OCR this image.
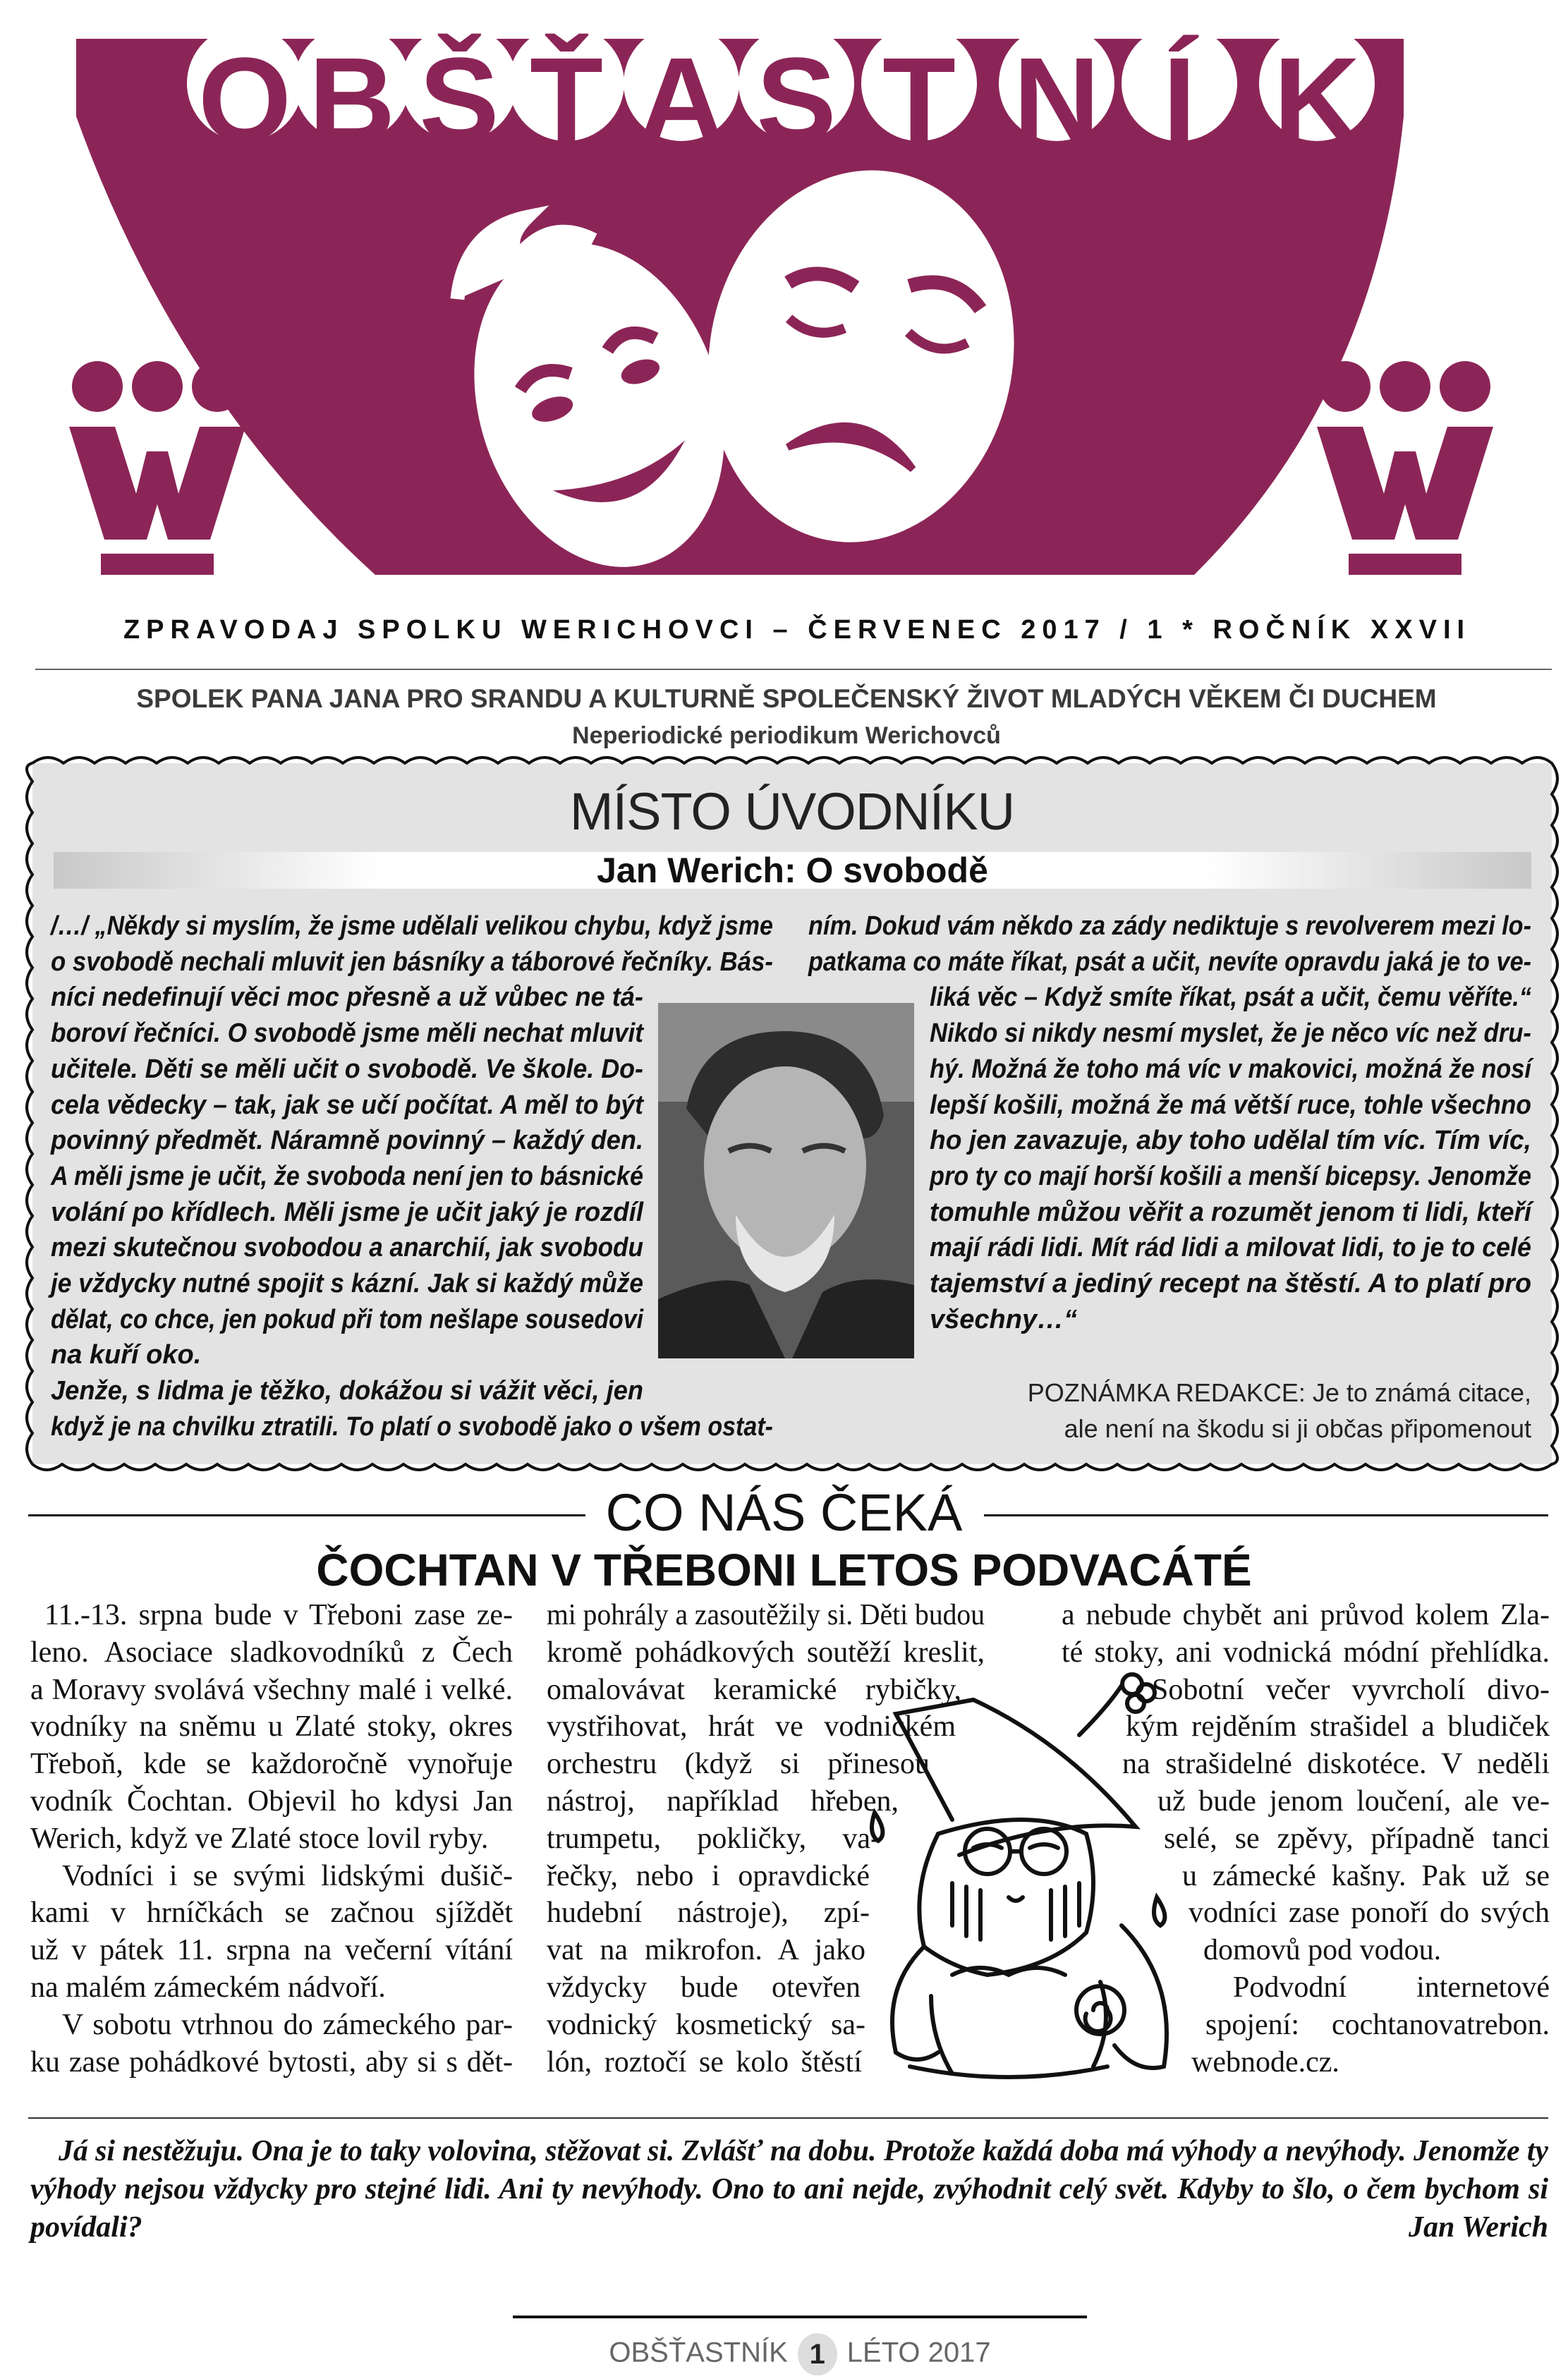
O B Š Ť A S T N Í K
ZPRAVODAJ SPOLKU WERICHOVCI – ČERVENEC 2017 / 1 * ROČNÍK XXVII
SPOLEK PANA JANA PRO SRANDU A KULTURNĚ SPOLEČENSKÝ ŽIVOT MLADÝCH VĚKEM ČI DUCHEM
Neperiodické periodikum Werichovců
MÍSTO ÚVODNÍKU
Jan Werich: O svobodě
/…/ „Někdy si myslím, že jsme udělali velikou chybu, když jsme
o svobodě nechali mluvit jen básníky a táborové řečníky. Bás-
níci nedefinují věci moc přesně a už vůbec ne tá-
boroví řečníci. O svobodě jsme měli nechat mluvit
učitele. Děti se měli učit o svobodě. Ve škole. Do-
cela vědecky – tak, jak se učí počítat. A měl to být
povinný předmět. Náramně povinný – každý den.
A měli jsme je učit, že svoboda není jen to básnické
volání po křídlech. Měli jsme je učit jaký je rozdíl
mezi skutečnou svobodou a anarchií, jak svobodu
je vždycky nutné spojit s kázní. Jak si každý může
dělat, co chce, jen pokud při tom nešlape sousedovi
na kuří oko.
Jenže, s lidma je těžko, dokážou si vážit věci, jen
když je na chvilku ztratili. To platí o svobodě jako o všem ostat-
ním. Dokud vám někdo za zády nediktuje s revolverem mezi lo-
patkama co máte říkat, psát a učit, nevíte opravdu jaká je to ve-
liká věc – Když smíte říkat, psát a učit, čemu věříte.“
Nikdo si nikdy nesmí myslet, že je něco víc než dru-
hý. Možná že toho má víc v makovici, možná že nosí
lepší košili, možná že má větší ruce, tohle všechno
ho jen zavazuje, aby toho udělal tím víc. Tím víc,
pro ty co mají horší košili a menší bicepsy. Jenomže
tomuhle můžou věřit a rozumět jenom ti lidi, kteří
mají rádi lidi. Mít rád lidi a milovat lidi, to je to celé
tajemství a jediný recept na štěstí. A to platí pro
všechny…“
POZNÁMKA REDAKCE: Je to známá citace,
ale není na škodu si ji občas připomenout
CO NÁS ČEKÁ
ČOCHTAN V TŘEBONI LETOS PODVACÁTÉ
11.-13. srpna bude v Třeboni zase ze-
leno. Asociace sladkovodníků z Čech
a Moravy svolává všechny malé i velké.
vodníky na sněmu u Zlaté stoky, okres
Třeboň, kde se každoročně vynořuje
vodník Čochtan. Objevil ho kdysi Jan
Werich, když ve Zlaté stoce lovil ryby.
Vodníci i se svými lidskými dušič-
kami v hrníčkách se začnou sjíždět
už v pátek 11. srpna na večerní vítání
na malém zámeckém nádvoří.
V sobotu vtrhnou do zámeckého par-
ku zase pohádkové bytosti, aby si s dět-
mi pohrály a zasoutěžily si. Děti budou
kromě pohádkových soutěží kreslit,
omalovávat keramické rybičky,
vystřihovat, hrát ve vodnickém
orchestru (když si přinesou
nástroj, například hřeben,
trumpetu, pokličky, va-
řečky, nebo i opravdické
hudební nástroje), zpí-
vat na mikrofon. A jako
vždycky bude otevřen
vodnický kosmetický sa-
lón, roztočí se kolo štěstí
a nebude chybět ani průvod kolem Zla-
té stoky, ani vodnická módní přehlídka.
Sobotní večer vyvrcholí divo-
kým rejděním strašidel a bludiček
na strašidelné diskotéce. V neděli
už bude jenom loučení, ale ve-
selé, se zpěvy, případně tanci
u zámecké kašny. Pak už se
vodníci zase ponoří do svých
domovů pod vodou.
Podvodní internetové
spojení: cochtanovatrebon.
webnode.cz.
Já si nestěžuju. Ona je to taky volovina, stěžovat si. Zvlášť na dobu. Protože každá doba má výhody a nevýhody. Jenomže ty
výhody nejsou vždycky pro stejné lidi. Ani ty nevýhody. Ono to ani nejde, zvýhodnit celý svět. Kdyby to šlo, o čem bychom si
povídali?	Jan Werich
OBŠŤASTNÍK 1 LÉTO 2017
